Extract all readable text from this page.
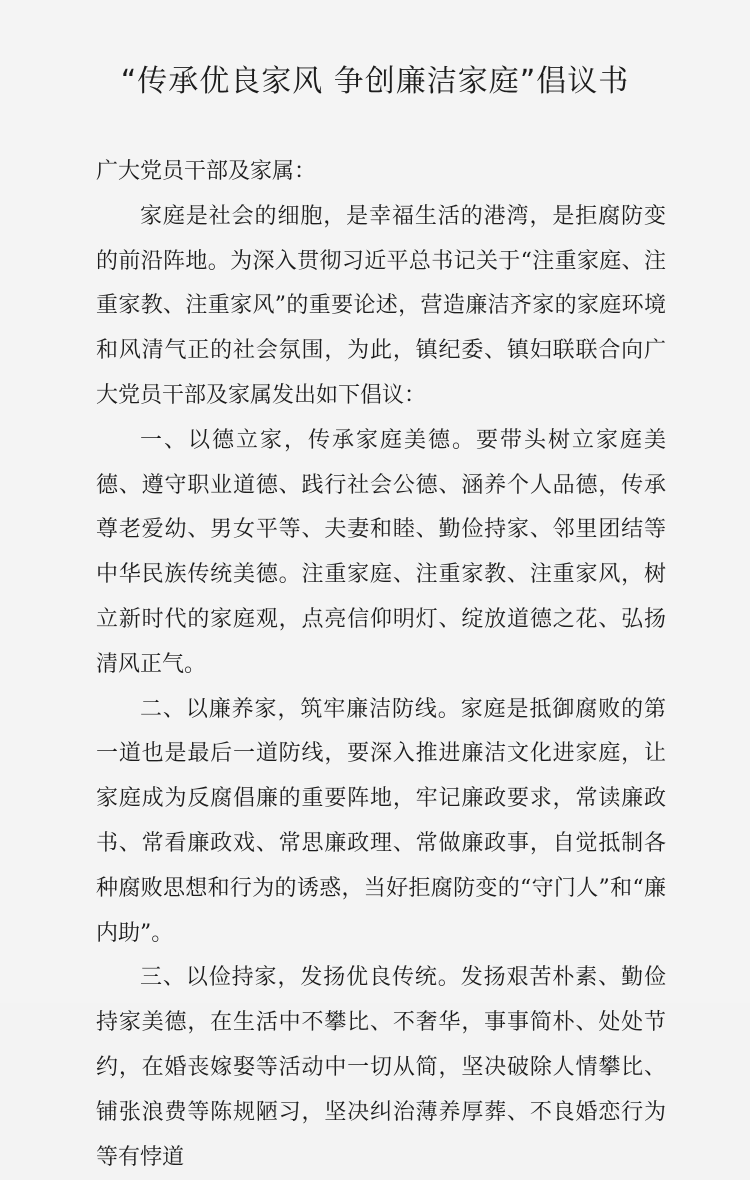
“传承优良家风 争创廉洁家庭”倡议书

广大党员干部及家属：

家庭是社会的细胞，是幸福生活的港湾，是拒腐防变的前沿阵地。为深入贯彻习近平总书记关于“注重家庭、注重家教、注重家风”的重要论述，营造廉洁齐家的家庭环境和风清气正的社会氛围，为此，镇纪委、镇妇联联合向广大党员干部及家属发出如下倡议：

一、以德立家，传承家庭美德。要带头树立家庭美德、遵守职业道德、践行社会公德、涵养个人品德，传承尊老爱幼、男女平等、夫妻和睦、勤俭持家、邻里团结等中华民族传统美德。注重家庭、注重家教、注重家风，树立新时代的家庭观，点亮信仰明灯、绽放道德之花、弘扬清风正气。

二、以廉养家，筑牢廉洁防线。家庭是抵御腐败的第一道也是最后一道防线，要深入推进廉洁文化进家庭，让家庭成为反腐倡廉的重要阵地，牢记廉政要求，常读廉政书、常看廉政戏、常思廉政理、常做廉政事，自觉抵制各种腐败思想和行为的诱惑，当好拒腐防变的“守门人”和“廉内助”。

三、以俭持家，发扬优良传统。发扬艰苦朴素、勤俭持家美德，在生活中不攀比、不奢华，事事简朴、处处节约，在婚丧嫁娶等活动中一切从简，坚决破除人情攀比、铺张浪费等陈规陋习，坚决纠治薄养厚葬、不良婚恋行为等有悖道
